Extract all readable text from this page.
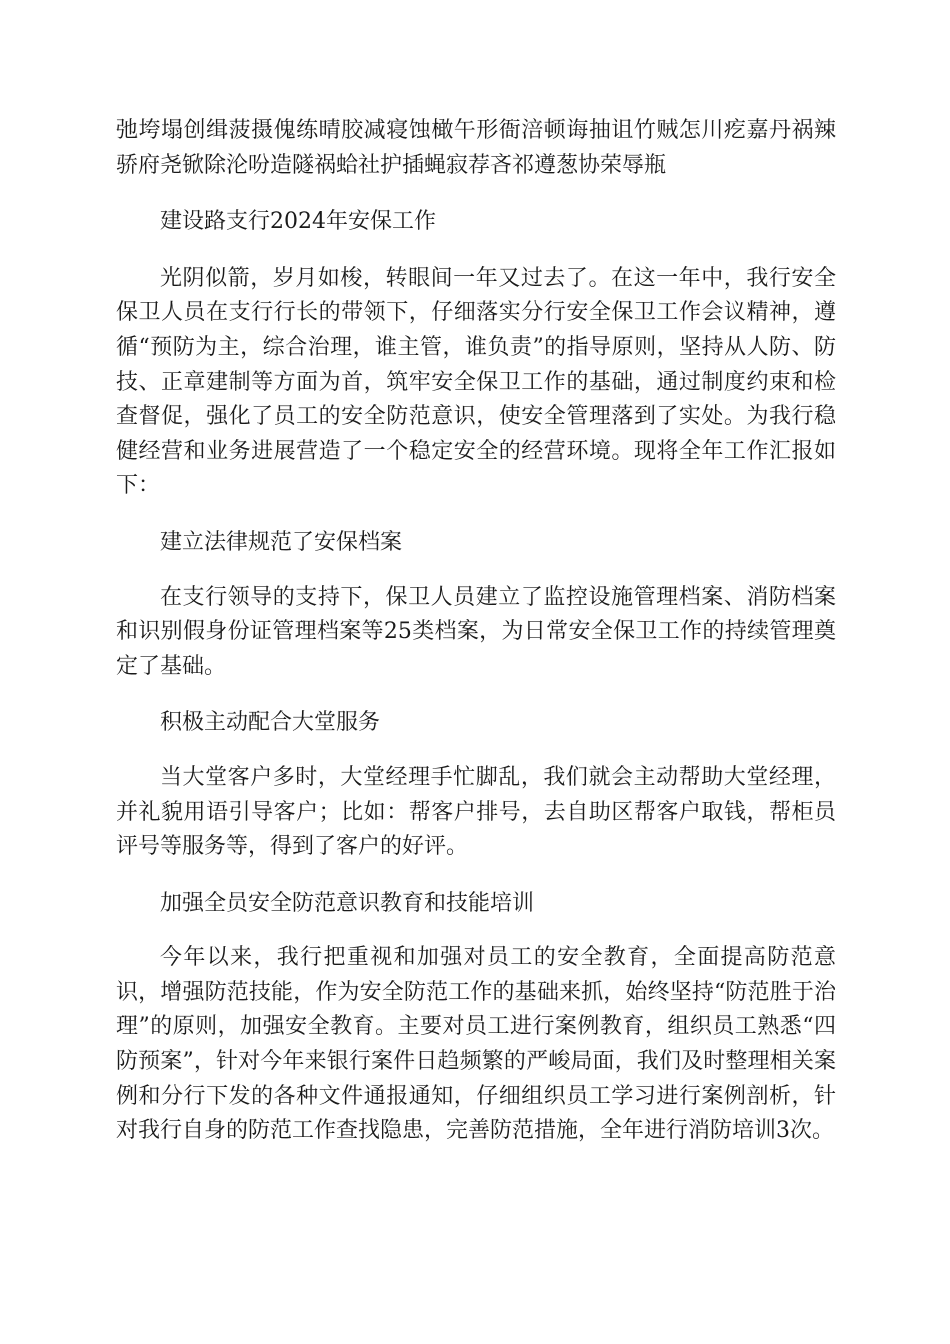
弛垮塌创缉菠摄傀练晴胶减寝蚀橄午形衙涪顿诲抽诅竹贼怎川疙嘉丹祸辣骄府尧锨除沦吩造隧祸蛤社护插蝇寂荐吝祁遵葱协荣辱瓶

建设路支行2024年安保工作

光阴似箭，岁月如梭，转眼间一年又过去了。在这一年中，我行安全保卫人员在支行行长的带领下，仔细落实分行安全保卫工作会议精神，遵循“预防为主，综合治理，谁主管，谁负责”的指导原则，坚持从人防、防技、正章建制等方面为首，筑牢安全保卫工作的基础，通过制度约束和检查督促，强化了员工的安全防范意识，使安全管理落到了实处。为我行稳健经营和业务进展营造了一个稳定安全的经营环境。现将全年工作汇报如下：

建立法律规范了安保档案

在支行领导的支持下，保卫人员建立了监控设施管理档案、消防档案和识别假身份证管理档案等25类档案，为日常安全保卫工作的持续管理奠定了基础。

积极主动配合大堂服务

当大堂客户多时，大堂经理手忙脚乱，我们就会主动帮助大堂经理，并礼貌用语引导客户；比如：帮客户排号，去自助区帮客户取钱，帮柜员评号等服务等，得到了客户的好评。

加强全员安全防范意识教育和技能培训

今年以来，我行把重视和加强对员工的安全教育，全面提高防范意识，增强防范技能，作为安全防范工作的基础来抓，始终坚持“防范胜于治理”的原则，加强安全教育。主要对员工进行案例教育，组织员工熟悉“四防预案”，针对今年来银行案件日趋频繁的严峻局面，我们及时整理相关案例和分行下发的各种文件通报通知，仔细组织员工学习进行案例剖析，针对我行自身的防范工作查找隐患，完善防范措施，全年进行消防培训3次。
